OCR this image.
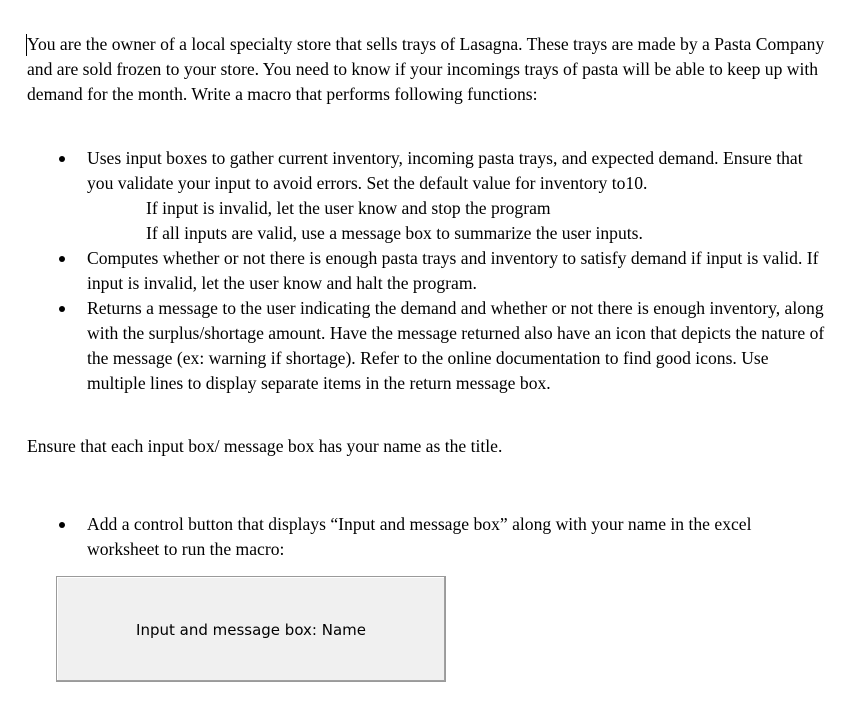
You are the owner of a local specialty store that sells trays of Lasagna. These trays are made by a Pasta Company and are sold frozen to your store. You need to know if your incomings trays of pasta will be able to keep up with demand for the month. Write a macro that performs following functions:

Uses input boxes to gather current inventory, incoming pasta trays, and expected demand. Ensure that you validate your input to avoid errors. Set the default value for inventory to10.
If input is invalid, let the user know and stop the program
If all inputs are valid, use a message box to summarize the user inputs.
Computes whether or not there is enough pasta trays and inventory to satisfy demand if input is valid. If input is invalid, let the user know and halt the program.
Returns a message to the user indicating the demand and whether or not there is enough inventory, along with the surplus/shortage amount. Have the message returned also have an icon that depicts the nature of the message (ex: warning if shortage). Refer to the online documentation to find good icons. Use multiple lines to display separate items in the return message box.

Ensure that each input box/ message box has your name as the title.

Add a control button that displays “Input and message box” along with your name in the excel worksheet to run the macro:
Input and message box: Name
